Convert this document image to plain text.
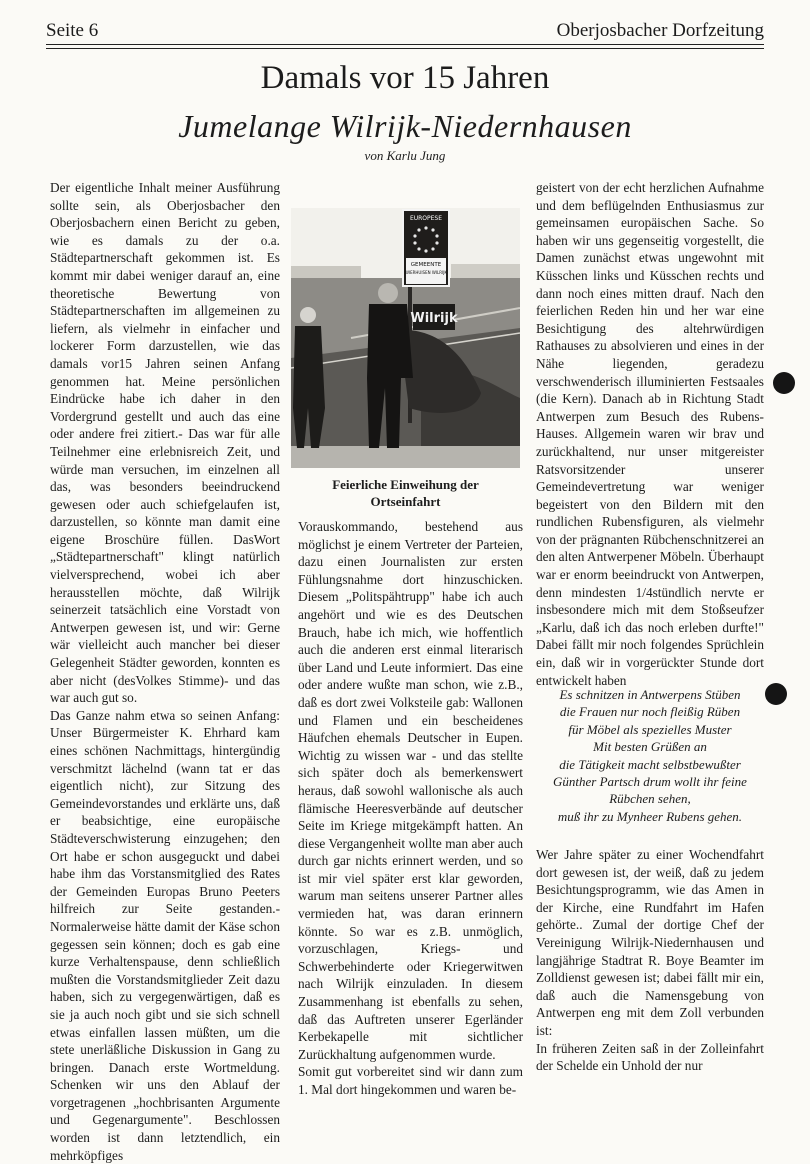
Seite 6	Oberjosbacher Dorfzeitung
Damals vor 15 Jahren
Jumelange Wilrijk-Niedernhausen
von Karlu Jung

Der eigentliche Inhalt meiner Ausführung sollte sein, als Oberjosbacher den Oberjosbachern einen Bericht zu geben, wie es damals zu der o.a. Städtepartnerschaft gekommen ist. Es kommt mir dabei weniger darauf an, eine theoretische Bewertung von Städtepartnerschaften im allgemeinen zu liefern, als vielmehr in einfacher und lockerer Form darzustellen, wie das damals vor15 Jahren seinen Anfang genommen hat. Meine persönlichen Eindrücke habe ich daher in den Vordergrund gestellt und auch das eine oder andere frei zitiert.- Das war für alle Teilnehmer eine erlebnisreich Zeit, und würde man versuchen, im einzelnen all das, was besonders beeindruckend gewesen oder auch schiefgelaufen ist, darzustellen, so könnte man damit eine eigene Broschüre füllen. DasWort „Städtepartnerschaft" klingt natürlich vielversprechend, wobei ich aber herausstellen möchte, daß Wilrijk seinerzeit tatsächlich eine Vorstadt von Antwerpen gewesen ist, und wir: Gerne wär vielleicht auch mancher bei dieser Gelegenheit Städter geworden, konnten es aber nicht (desVolkes Stimme)- und das war auch gut so.

Das Ganze nahm etwa so seinen Anfang: Unser Bürgermeister K. Ehrhard kam eines schönen Nachmittags, hintergündig verschmitzt lächelnd (wann tat er das eigentlich nicht), zur Sitzung des Gemeindevorstandes und erklärte uns, daß er beabsichtige, eine europäische Städteverschwisterung einzugehen; den Ort habe er schon ausgeguckt und dabei habe ihm das Vorstansmitglied des Rates der Gemeinden Europas Bruno Peeters hilfreich zur Seite gestanden.- Normalerweise hätte damit der Käse schon gegessen sein können; doch es gab eine kurze Verhaltenspause, denn schließlich mußten die Vorstandsmitglieder Zeit dazu haben, sich zu vergegenwärtigen, daß es sie ja auch noch gibt und sie sich schnell etwas einfallen lassen müßten, um die stete unerläßliche Diskussion in Gang zu bringen. Danach erste Wortmeldung. Schenken wir uns den Ablauf der vorgetragenen „hochbrisanten Argumente und Gegenargumente". Beschlossen worden ist dann letztendlich, ein mehrköpfiges

EUROPESE
GEMEENTE
WIERHUISEN WILRIJK
Wilrijk
Feierliche Einweihung der
Ortseinfahrt

Vorauskommando, bestehend aus möglichst je einem Vertreter der Parteien, dazu einen Journalisten zur ersten Fühlungsnahme dort hinzuschicken. Diesem „Politspähtrupp" habe ich auch angehört und wie es des Deutschen Brauch, habe ich mich, wie hoffentlich auch die anderen erst einmal literarisch über Land und Leute informiert. Das eine oder andere wußte man schon, wie z.B., daß es dort zwei Volksteile gab: Wallonen und Flamen und ein bescheidenes Häufchen ehemals Deutscher in Eupen. Wichtig zu wissen war - und das stellte sich später doch als bemerkenswert heraus, daß sowohl wallonische als auch flämische Heeresverbände auf deutscher Seite im Kriege mitgekämpft hatten. An diese Vergangenheit wollte man aber auch durch gar nichts erinnert werden, und so ist mir viel später erst klar geworden, warum man seitens unserer Partner alles vermieden hat, was daran erinnern könnte. So war es z.B. unmöglich, vorzuschlagen, Kriegs- und Schwerbehinderte oder Kriegerwitwen nach Wilrijk einzuladen. In diesem Zusammenhang ist ebenfalls zu sehen, daß das Auftreten unserer Egerländer Kerbekapelle mit sichtlicher Zurückhaltung aufgenommen wurde.

Somit gut vorbereitet sind wir dann zum 1. Mal dort hingekommen und waren be-

geistert von der echt herzlichen Aufnahme und dem beflügelnden Enthusiasmus zur gemeinsamen europäischen Sache. So haben wir uns gegenseitig vorgestellt, die Damen zunächst etwas ungewohnt mit Küsschen links und Küsschen rechts und dann noch eines mitten drauf. Nach den feierlichen Reden hin und her war eine Besichtigung des altehrwürdigen Rathauses zu absolvieren und eines in der Nähe liegenden, geradezu verschwenderisch illuminierten Festsaales (die Kern). Danach ab in Richtung Stadt Antwerpen zum Besuch des Rubens-Hauses. Allgemein waren wir brav und zurückhaltend, nur unser mitgereister Ratsvorsitzender unserer Gemeindevertretung war weniger begeistert von den Bildern mit den rundlichen Rubensfiguren, als vielmehr von der prägnanten Rübchenschnitzerei an den alten Antwerpener Möbeln. Überhaupt war er enorm beeindruckt von Antwerpen, denn mindesten 1/4stündlich nervte er insbesondere mich mit dem Stoßseufzer „Karlu, daß ich das noch erleben durfte!" Dabei fällt mir noch folgendes Sprüchlein ein, daß wir in vorgerückter Stunde dort entwickelt haben

Es schnitzen in Antwerpens Stüben
die Frauen nur noch fleißig Rüben
für Möbel als spezielles Muster
Mit besten Grüßen an
die Tätigkeit macht selbstbewußter
Günther Partsch drum wollt ihr feine
Rübchen sehen,
muß ihr zu Mynheer Rubens gehen.

Wer Jahre später zu einer Wochendfahrt dort gewesen ist, der weiß, daß zu jedem Besichtungsprogramm, wie das Amen in der Kirche, eine Rundfahrt im Hafen gehörte.. Zumal der dortige Chef der Vereinigung Wilrijk-Niedernhausen und langjährige Stadtrat R. Boye Beamter im Zolldienst gewesen ist; dabei fällt mir ein, daß auch die Namensgebung von Antwerpen eng mit dem Zoll verbunden ist:

In früheren Zeiten saß in der Zolleinfahrt der Schelde ein Unhold der nur
